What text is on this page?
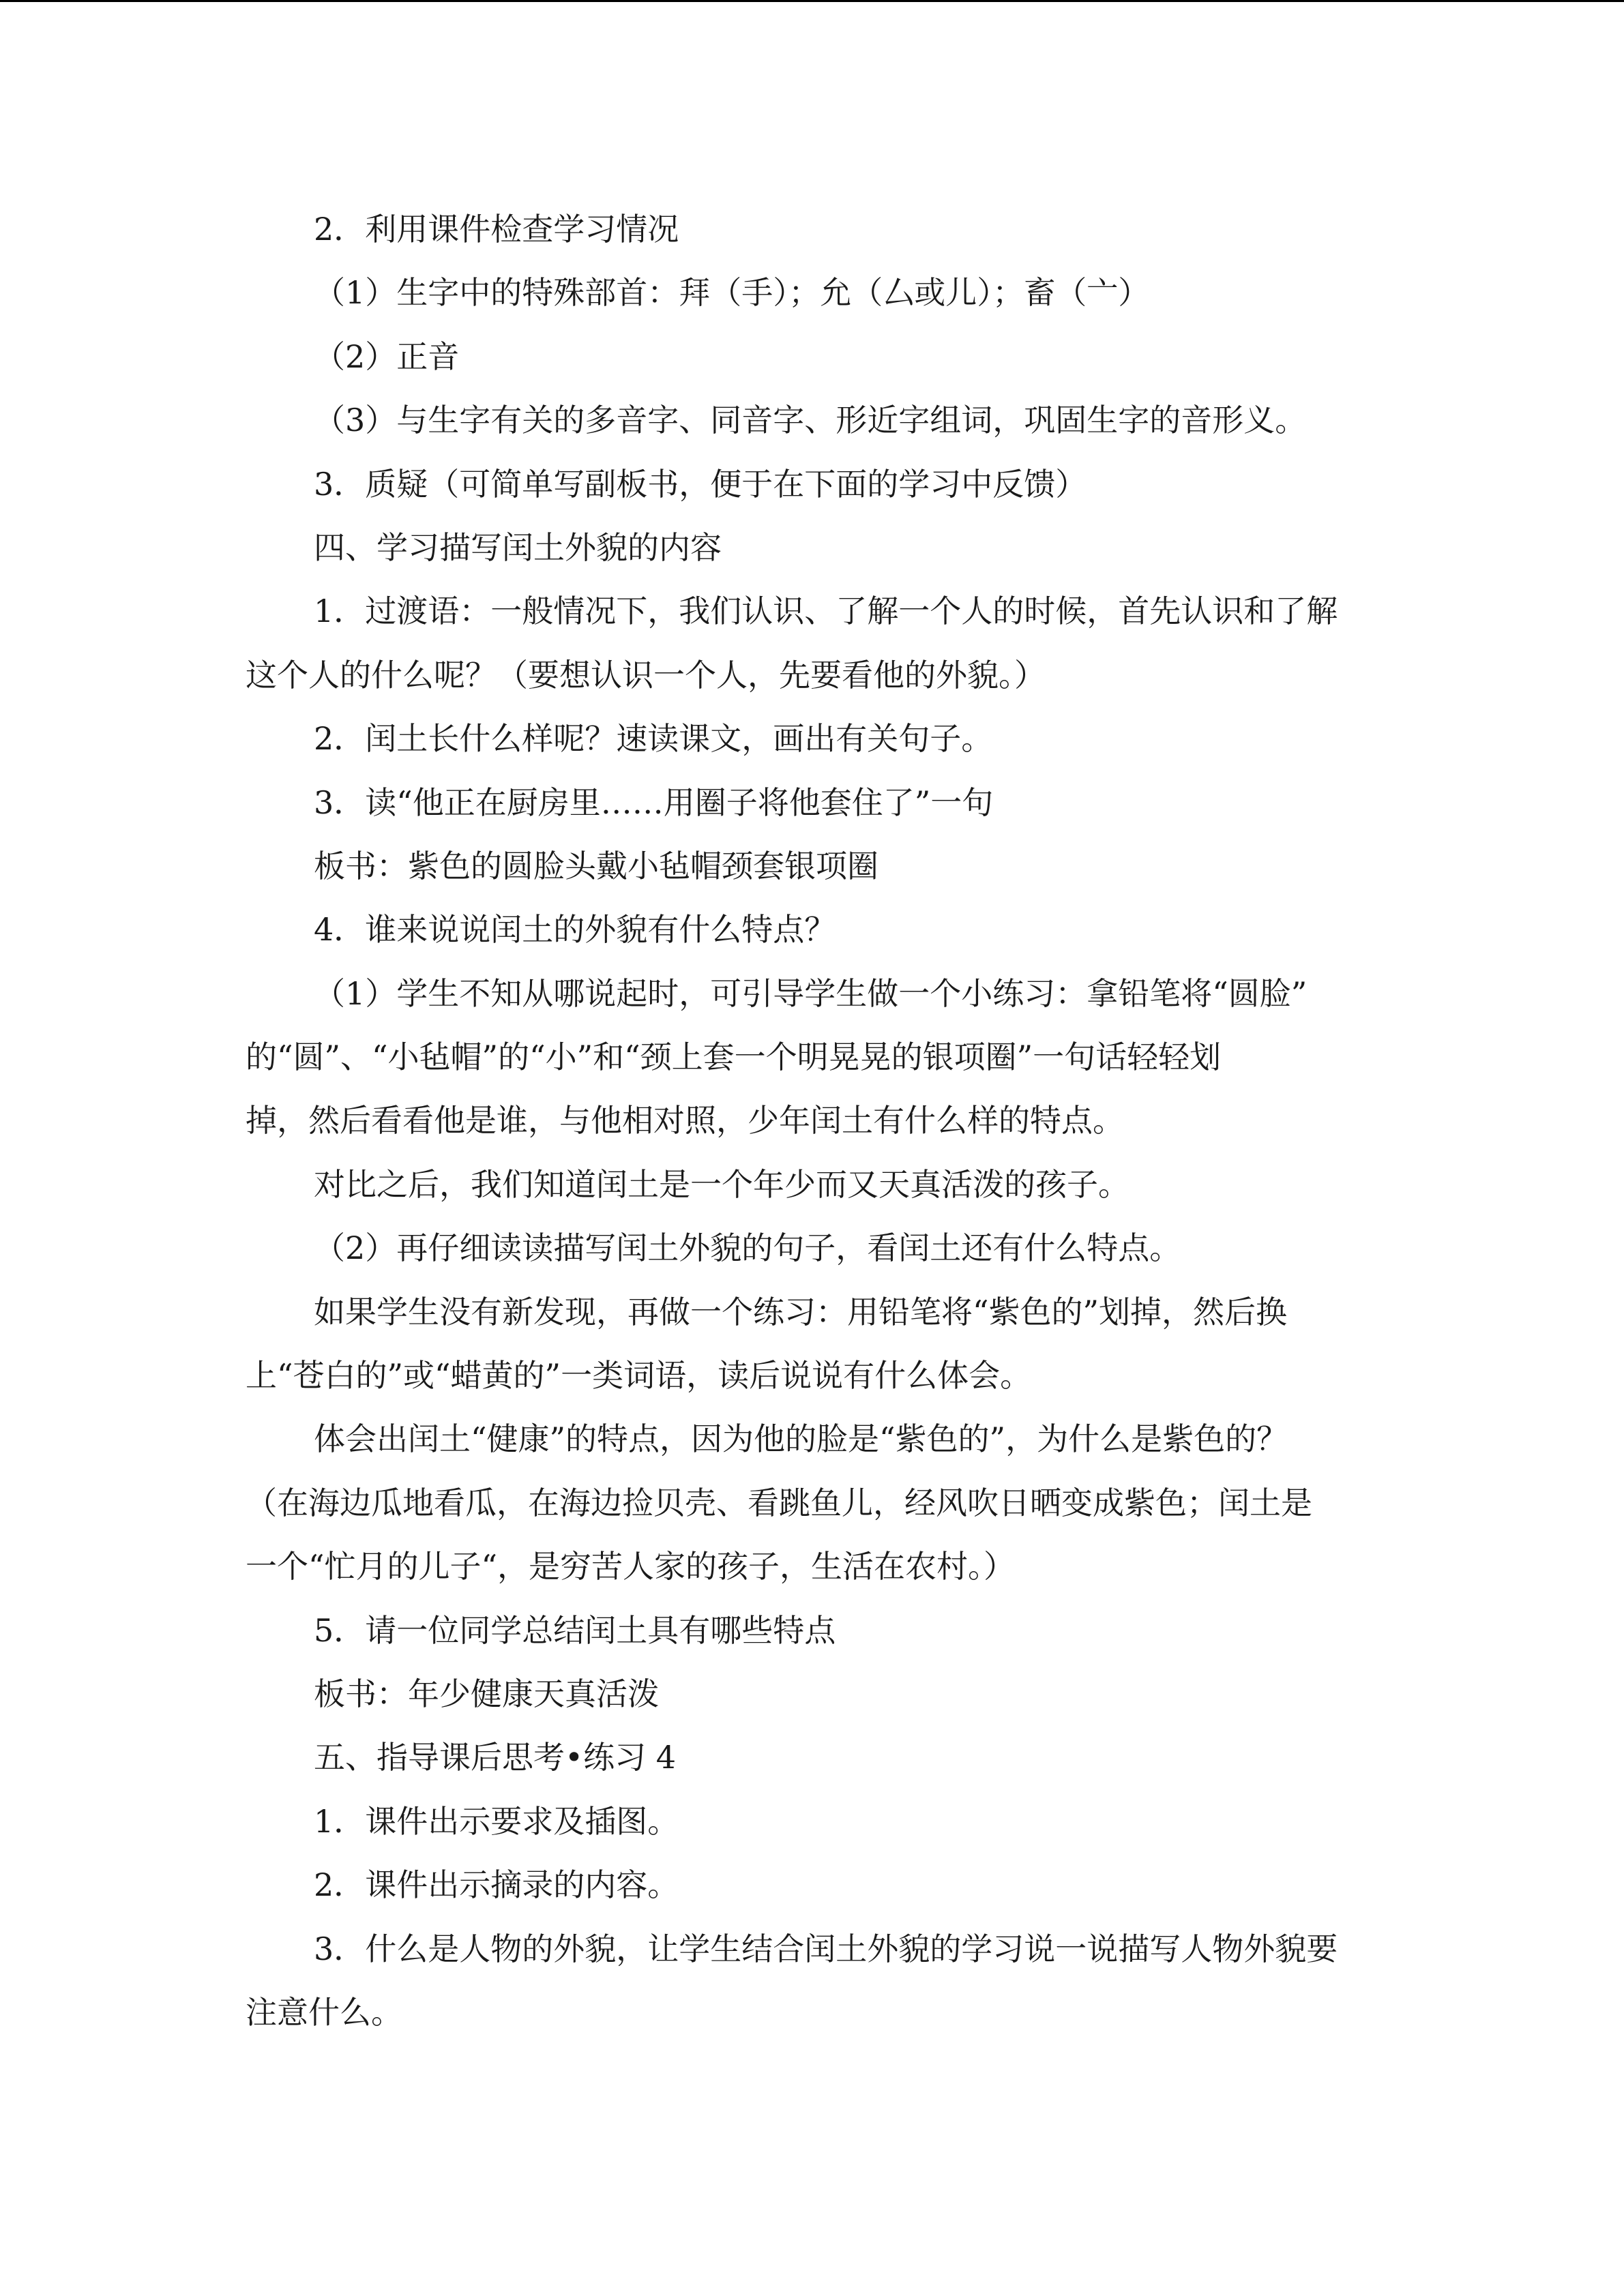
2．利用课件检查学习情况
（1）生字中的特殊部首：拜（手）；允（厶或儿）；畜（亠）
（2）正音
（3）与生字有关的多音字、同音字、形近字组词，巩固生字的音形义。
3．质疑（可简单写副板书，便于在下面的学习中反馈）
四、学习描写闰土外貌的内容
1．过渡语：一般情况下，我们认识、了解一个人的时候，首先认识和了解
这个人的什么呢？（要想认识一个人，先要看他的外貌。）
2．闰土长什么样呢？速读课文，画出有关句子。
3．读“他正在厨房里……用圈子将他套住了”一句
板书：紫色的圆脸头戴小毡帽颈套银项圈
4．谁来说说闰土的外貌有什么特点？
（1）学生不知从哪说起时，可引导学生做一个小练习：拿铅笔将“圆脸”
的“圆”、“小毡帽”的“小”和“颈上套一个明晃晃的银项圈”一句话轻轻划
掉，然后看看他是谁，与他相对照，少年闰土有什么样的特点。
对比之后，我们知道闰土是一个年少而又天真活泼的孩子。
（2）再仔细读读描写闰土外貌的句子，看闰土还有什么特点。
如果学生没有新发现，再做一个练习：用铅笔将“紫色的”划掉，然后换
上“苍白的”或“蜡黄的”一类词语，读后说说有什么体会。
体会出闰土“健康”的特点，因为他的脸是“紫色的”，为什么是紫色的？
（在海边瓜地看瓜，在海边捡贝壳、看跳鱼儿，经风吹日晒变成紫色；闰土是
一个“忙月的儿子“，是穷苦人家的孩子，生活在农村。）
5．请一位同学总结闰土具有哪些特点
板书：年少健康天真活泼
五、指导课后思考•练习 4
1．课件出示要求及插图。
2．课件出示摘录的内容。
3．什么是人物的外貌，让学生结合闰土外貌的学习说一说描写人物外貌要
注意什么。
